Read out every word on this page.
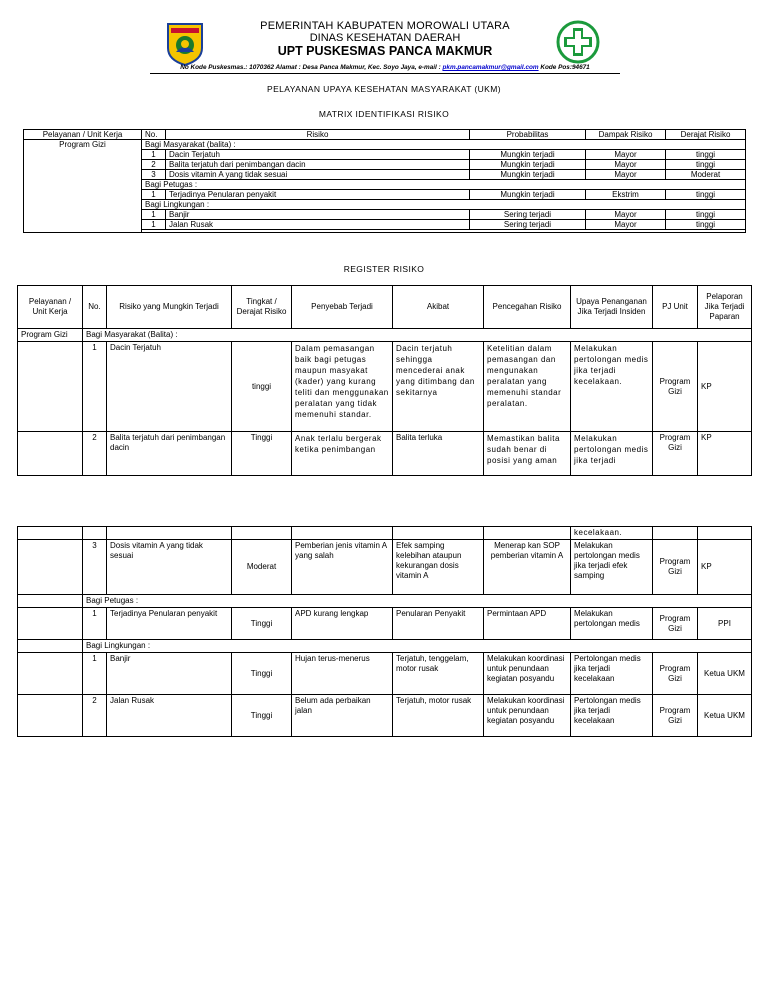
PEMERINTAH KABUPATEN MOROWALI UTARA
DINAS KESEHATAN DAERAH
UPT PUSKESMAS PANCA MAKMUR
No Kode Puskesmas.: 1070362 Alamat : Desa Panca Makmur, Kec. Soyo Jaya, e-mail : pkm.pancamakmur@gmail.com Kode Pos:94671
PELAYANAN UPAYA KESEHATAN MASYARAKAT (UKM)
MATRIX IDENTIFIKASI RISIKO
Pelayanan / Unit Kerja	No.	Risiko	Probabilitas	Dampak Risiko	Derajat Risiko
Program Gizi	Bagi Masyarakat (balita) :				
	1	Dacin Terjatuh	Mungkin terjadi	Mayor	tinggi
	2	Balita terjatuh dari penimbangan dacin	Mungkin terjadi	Mayor	tinggi
	3	Dosis vitamin A yang tidak sesuai	Mungkin terjadi	Mayor	Moderat
	Bagi Petugas :				
	1	Terjadinya Penularan penyakit	Mungkin terjadi	Ekstrim	tinggi
	Bagi Lingkungan :				
	1	Banjir	Sering terjadi	Mayor	tinggi
	1	Jalan Rusak	Sering terjadi	Mayor	tinggi

REGISTER RISIKO
Pelayanan / Unit Kerja	No.	Risiko yang Mungkin Terjadi	Tingkat / Derajat Risiko	Penyebab Terjadi	Akibat	Pencegahan Risiko	Upaya Penanganan Jika Terjadi Insiden	PJ Unit	Pelaporan Jika Terjadi Paparan
Program Gizi	Bagi Masyarakat (Balita) :								
	1	Dacin Terjatuh	tinggi	Dalam pemasangan baik bagi petugas maupun masyakat (kader) yang kurang teliti dan menggunakan peralatan yang tidak memenuhi standar.	Dacin terjatuh sehingga mencederai anak yang ditimbang dan sekitarnya	Ketelitian dalam pemasangan dan mengunakan peralatan yang memenuhi standar peralatan.	Melakukan pertolongan medis jika terjadi kecelakaan.	Program Gizi	KP
	2	Balita terjatuh dari penimbangan dacin	Tinggi	Anak terlalu bergerak ketika penimbangan	Balita terluka	Memastikan balita sudah benar di posisi yang aman	Melakukan pertolongan medis jika terjadi	Program Gizi	KP
							kecelakaan.		
	3	Dosis vitamin A yang tidak sesuai	Moderat	Pemberian jenis vitamin A yang salah	Efek samping kelebihan ataupun kekurangan dosis vitamin A	Menerap kan SOP pemberian vitamin A	Melakukan pertolongan medis jika terjadi efek samping	Program Gizi	KP
	Bagi Petugas :								
	1	Terjadinya Penularan penyakit	Tinggi	APD kurang lengkap	Penularan Penyakit	Permintaan APD	Melakukan pertolongan medis	Program Gizi	PPI
	Bagi Lingkungan :								
	1	Banjir	Tinggi	Hujan terus-menerus	Terjatuh, tenggelam, motor rusak	Melakukan koordinasi untuk penundaan kegiatan posyandu	Pertolongan medis jika terjadi kecelakaan	Program Gizi	Ketua UKM
	2	Jalan Rusak	Tinggi	Belum ada perbaikan jalan	Terjatuh, motor rusak	Melakukan koordinasi untuk penundaan kegiatan posyandu	Pertolongan medis jika terjadi kecelakaan	Program Gizi	Ketua UKM
